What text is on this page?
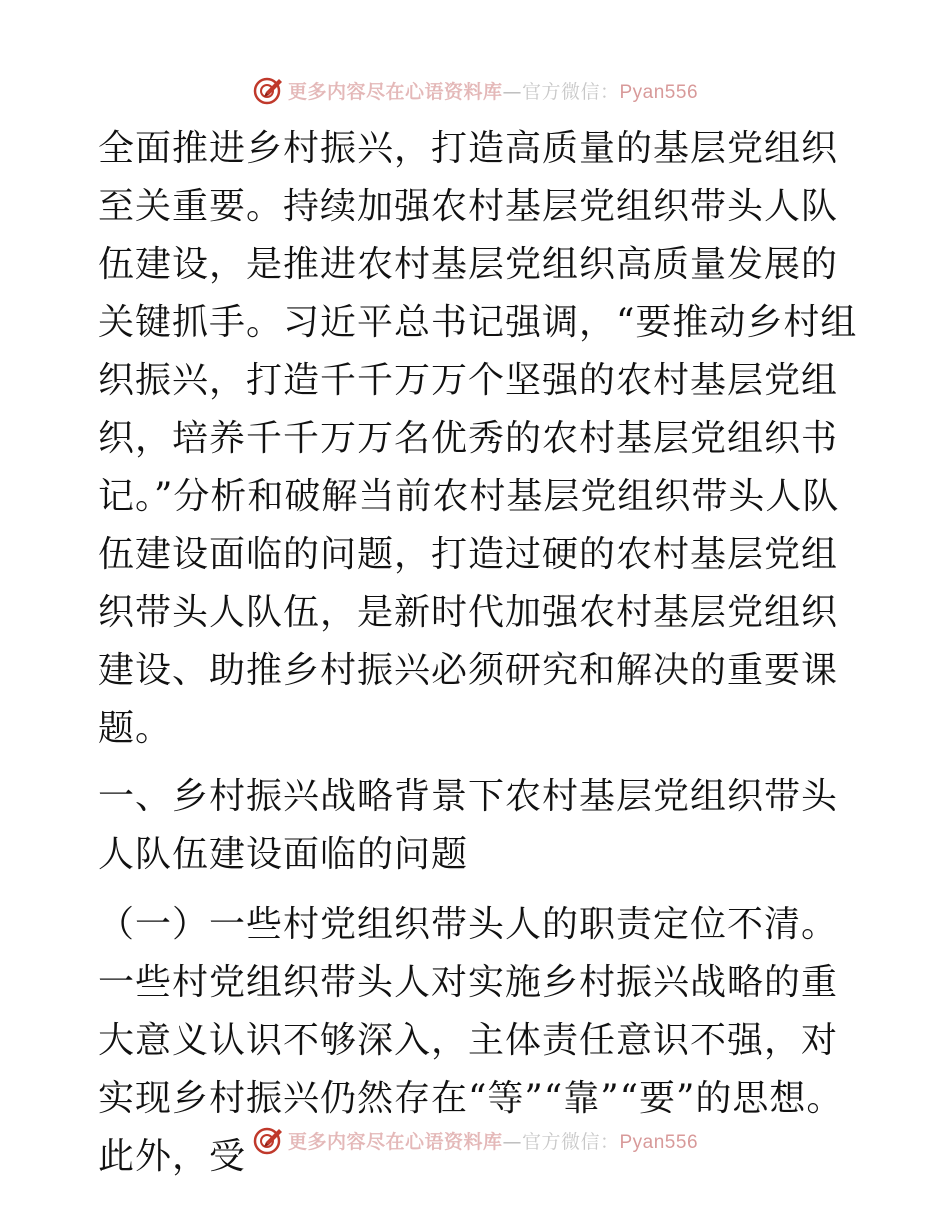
更多内容尽在心语资料库—官方微信：Pyan556

全面推进乡村振兴，打造高质量的基层党组织至关重要。持续加强农村基层党组织带头人队伍建设，是推进农村基层党组织高质量发展的关键抓手。习近平总书记强调，“要推动乡村组织振兴，打造千千万万个坚强的农村基层党组织，培养千千万万名优秀的农村基层党组织书记。”分析和破解当前农村基层党组织带头人队伍建设面临的问题，打造过硬的农村基层党组织带头人队伍，是新时代加强农村基层党组织建设、助推乡村振兴必须研究和解决的重要课题。

一、乡村振兴战略背景下农村基层党组织带头人队伍建设面临的问题

（一）一些村党组织带头人的职责定位不清。一些村党组织带头人对实施乡村振兴战略的重大意义认识不够深入，主体责任意识不强，对实现乡村振兴仍然存在“等”“靠”“要”的思想。此外，受	更多内容尽在心语资料库—官方微信：Pyan556
